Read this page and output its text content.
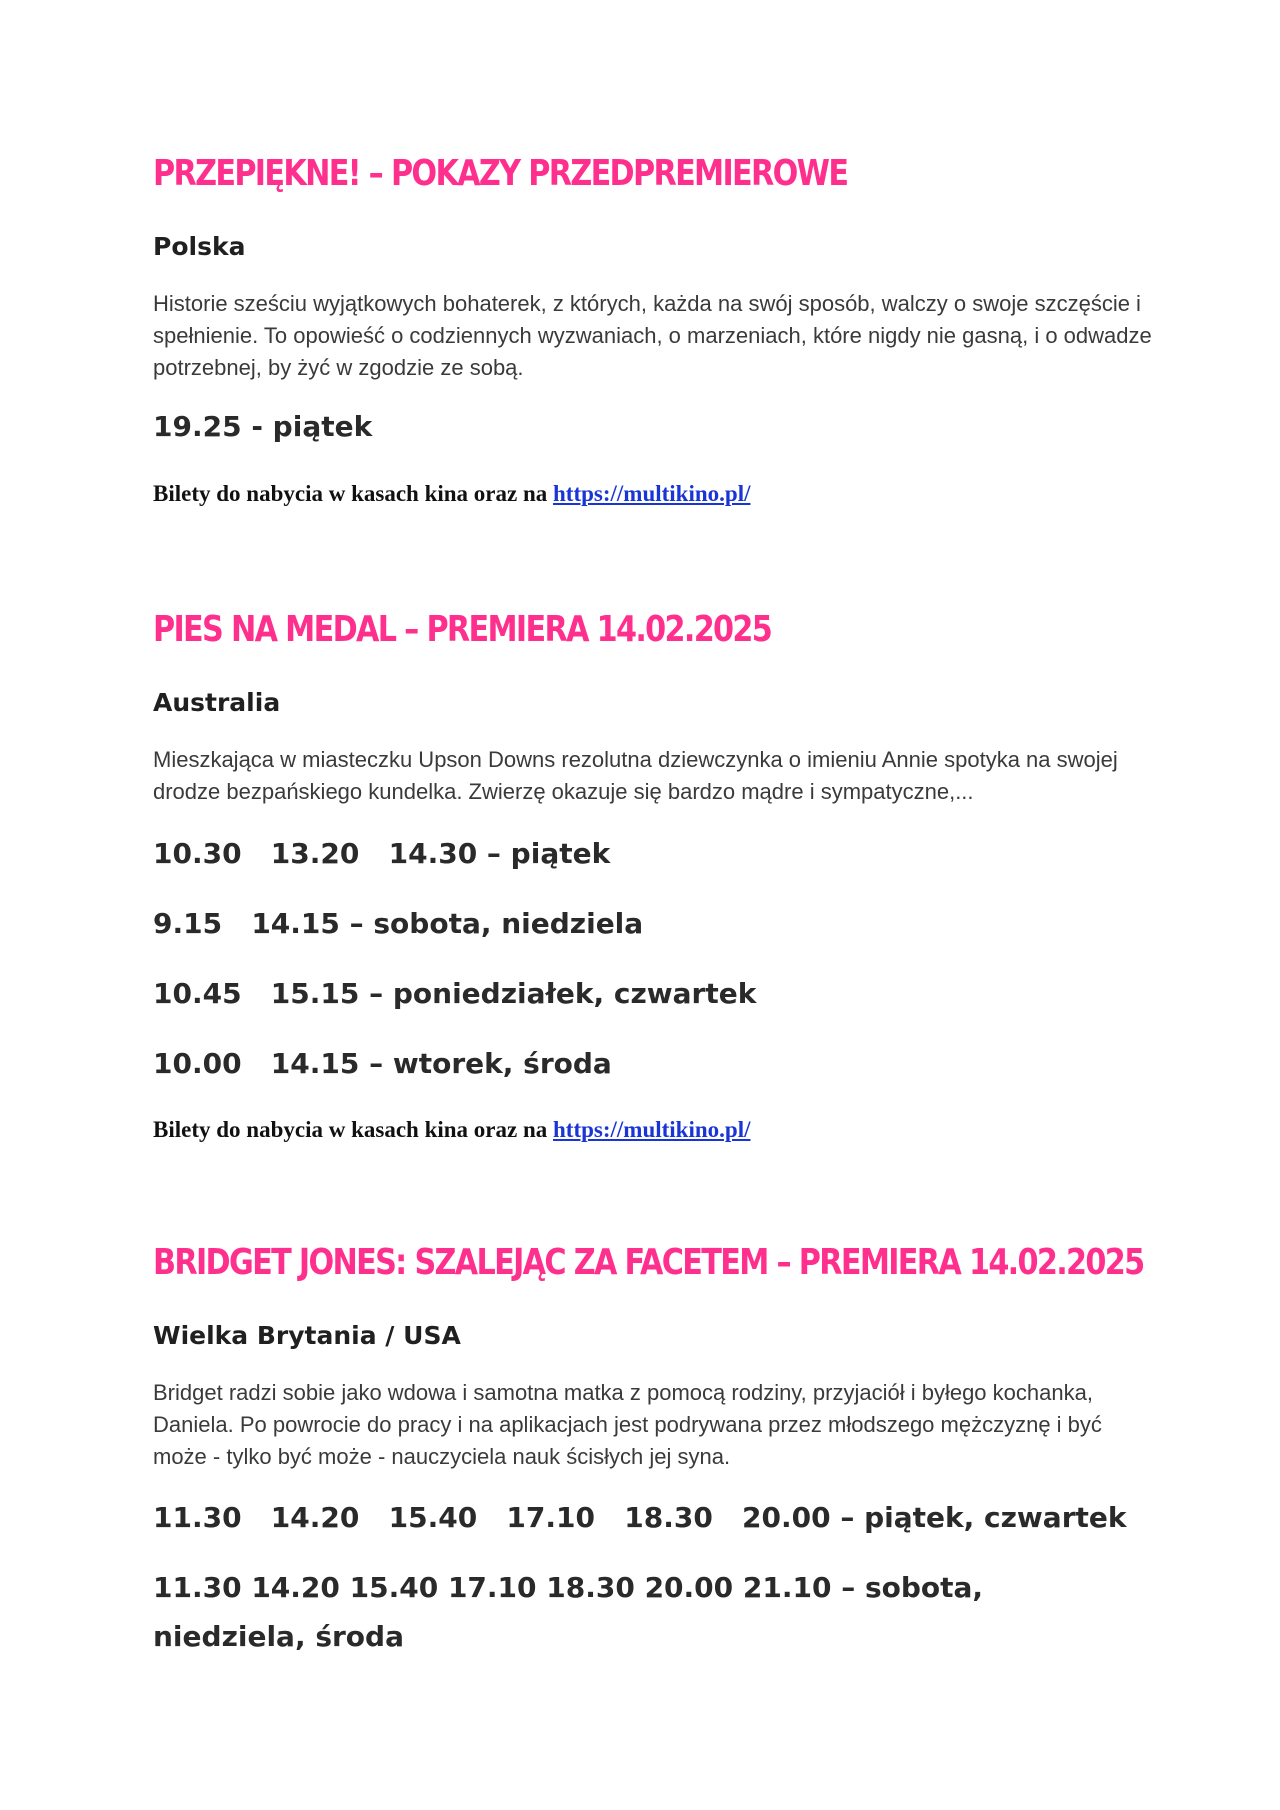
PRZEPIĘKNE! – POKAZY PRZEDPREMIEROWE
Polska

Historie sześciu wyjątkowych bohaterek, z których, każda na swój sposób, walczy o swoje szczęście i spełnienie. To opowieść o codziennych wyzwaniach, o marzeniach, które nigdy nie gasną, i o odwadze potrzebnej, by żyć w zgodzie ze sobą.

19.25 - piątek

Bilety do nabycia w kasach kina oraz na https://multikino.pl/

PIES NA MEDAL – PREMIERA 14.02.2025
Australia

Mieszkająca w miasteczku Upson Downs rezolutna dziewczynka o imieniu Annie spotyka na swojej drodze bezpańskiego kundelka. Zwierzę okazuje się bardzo mądre i sympatyczne,...

10.30   13.20   14.30 – piątek
9.15   14.15 – sobota, niedziela
10.45   15.15 – poniedziałek, czwartek
10.00   14.15 – wtorek, środa

Bilety do nabycia w kasach kina oraz na https://multikino.pl/

BRIDGET JONES: SZALEJĄC ZA FACETEM – PREMIERA 14.02.2025
Wielka Brytania / USA

Bridget radzi sobie jako wdowa i samotna matka z pomocą rodziny, przyjaciół i byłego kochanka, Daniela. Po powrocie do pracy i na aplikacjach jest podrywana przez młodszego mężczyznę i być może - tylko być może - nauczyciela nauk ścisłych jej syna.

11.30   14.20   15.40   17.10   18.30   20.00 – piątek, czwartek
11.30 14.20 15.40 17.10 18.30 20.00 21.10 – sobota, niedziela, środa
